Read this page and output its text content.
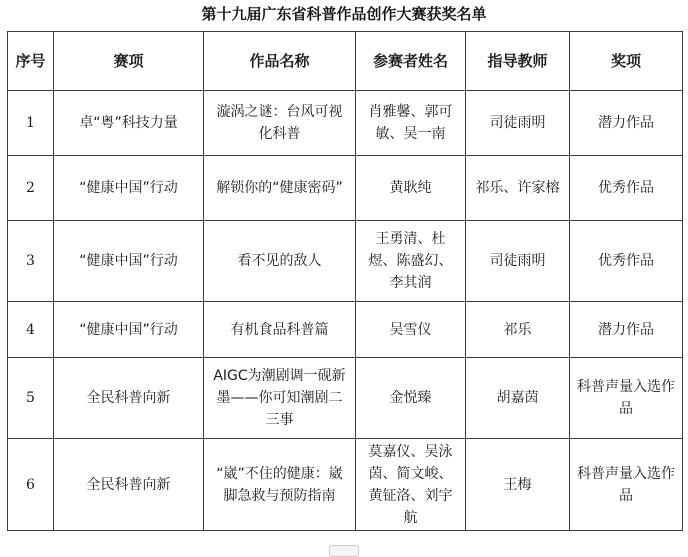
第十九届广东省科普作品创作大赛获奖名单
序号	赛项	作品名称	参赛者姓名	指导教师	奖项
1	卓“粤”科技力量	漩涡之谜：台风可视化科普	肖雅馨、郭可敏、吴一南	司徒雨明	潜力作品
2	“健康中国”行动	解锁你的“健康密码”	黄耿纯	祁乐、许家榕	优秀作品
3	“健康中国”行动	看不见的敌人	王勇清、杜煜、陈盛幻、李其润	司徒雨明	优秀作品
4	“健康中国”行动	有机食品科普篇	吴雪仪	祁乐	潜力作品
5	全民科普向新	AIGC为潮剧调一砚新墨——你可知潮剧二三事	金悦臻	胡嘉茵	科普声量入选作品
6	全民科普向新	“崴”不住的健康：崴脚急救与预防指南	莫嘉仪、吴泳茵、简文峻、黄钲洛、刘宇航	王梅	科普声量入选作品
